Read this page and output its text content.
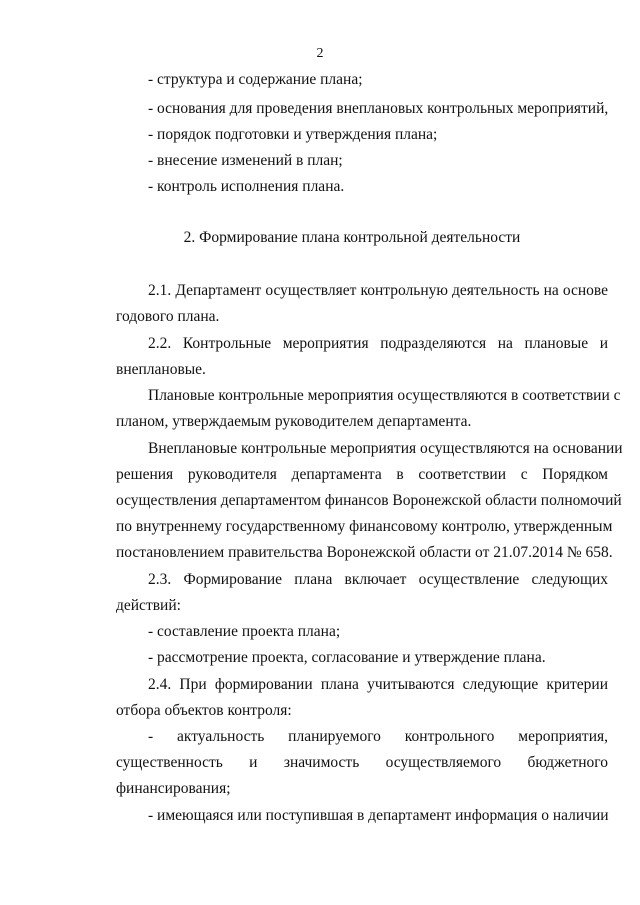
2
- структура и содержание плана;
- основания для проведения внеплановых контрольных мероприятий,
- порядок подготовки и утверждения плана;
- внесение изменений в план;
- контроль исполнения плана.
2. Формирование плана контрольной деятельности
2.1. Департамент осуществляет контрольную деятельность на основе
годового плана.
2.2. Контрольные мероприятия подразделяются на плановые и
внеплановые.
Плановые контрольные мероприятия осуществляются в соответствии с
планом, утверждаемым руководителем департамента.
Внеплановые контрольные мероприятия осуществляются на основании
решения руководителя департамента в соответствии с Порядком
осуществления департаментом финансов Воронежской области полномочий
по внутреннему государственному финансовому контролю, утвержденным
постановлением правительства Воронежской области от 21.07.2014 № 658.
2.3. Формирование плана включает осуществление следующих
действий:
- составление проекта плана;
- рассмотрение проекта, согласование и утверждение плана.
2.4. При формировании плана учитываются следующие критерии
отбора объектов контроля:
- актуальность планируемого контрольного мероприятия,
существенность и значимость осуществляемого бюджетного
финансирования;
- имеющаяся или поступившая в департамент информация о наличии
